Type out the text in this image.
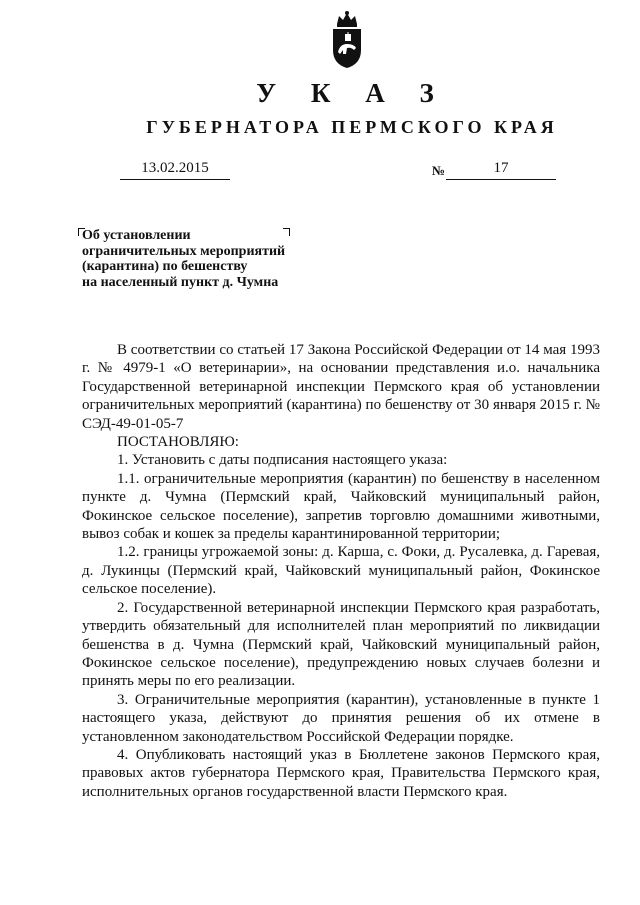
У К А З
ГУБЕРНАТОРА ПЕРМСКОГО КРАЯ
13.02.2015	№	17
Об установлении
ограничительных мероприятий
(карантина) по бешенству
на населенный пункт д. Чумна

В соответствии со статьей 17 Закона Российской Федерации от 14 мая 1993 г. № 4979-1 «О ветеринарии», на основании представления и.о. начальника Государственной ветеринарной инспекции Пермского края об установлении ограничительных мероприятий (карантина) по бешенству от 30 января 2015 г. № СЭД-49-01-05-7

ПОСТАНОВЛЯЮ:

1. Установить с даты подписания настоящего указа:

1.1. ограничительные мероприятия (карантин) по бешенству в населенном пункте д. Чумна (Пермский край, Чайковский муниципальный район, Фокинское сельское поселение), запретив торговлю домашними животными, вывоз собак и кошек за пределы карантинированной территории;

1.2. границы угрожаемой зоны: д. Карша, с. Фоки, д. Русалевка, д. Гаревая, д. Лукинцы (Пермский край, Чайковский муниципальный район, Фокинское сельское поселение).

2. Государственной ветеринарной инспекции Пермского края разработать, утвердить обязательный для исполнителей план мероприятий по ликвидации бешенства в д. Чумна (Пермский край, Чайковский муниципальный район, Фокинское сельское поселение), предупреждению новых случаев болезни и принять меры по его реализации.

3. Ограничительные мероприятия (карантин), установленные в пункте 1 настоящего указа, действуют до принятия решения об их отмене в установленном законодательством Российской Федерации порядке.

4. Опубликовать настоящий указ в Бюллетене законов Пермского края, правовых актов губернатора Пермского края, Правительства Пермского края, исполнительных органов государственной власти Пермского края.
